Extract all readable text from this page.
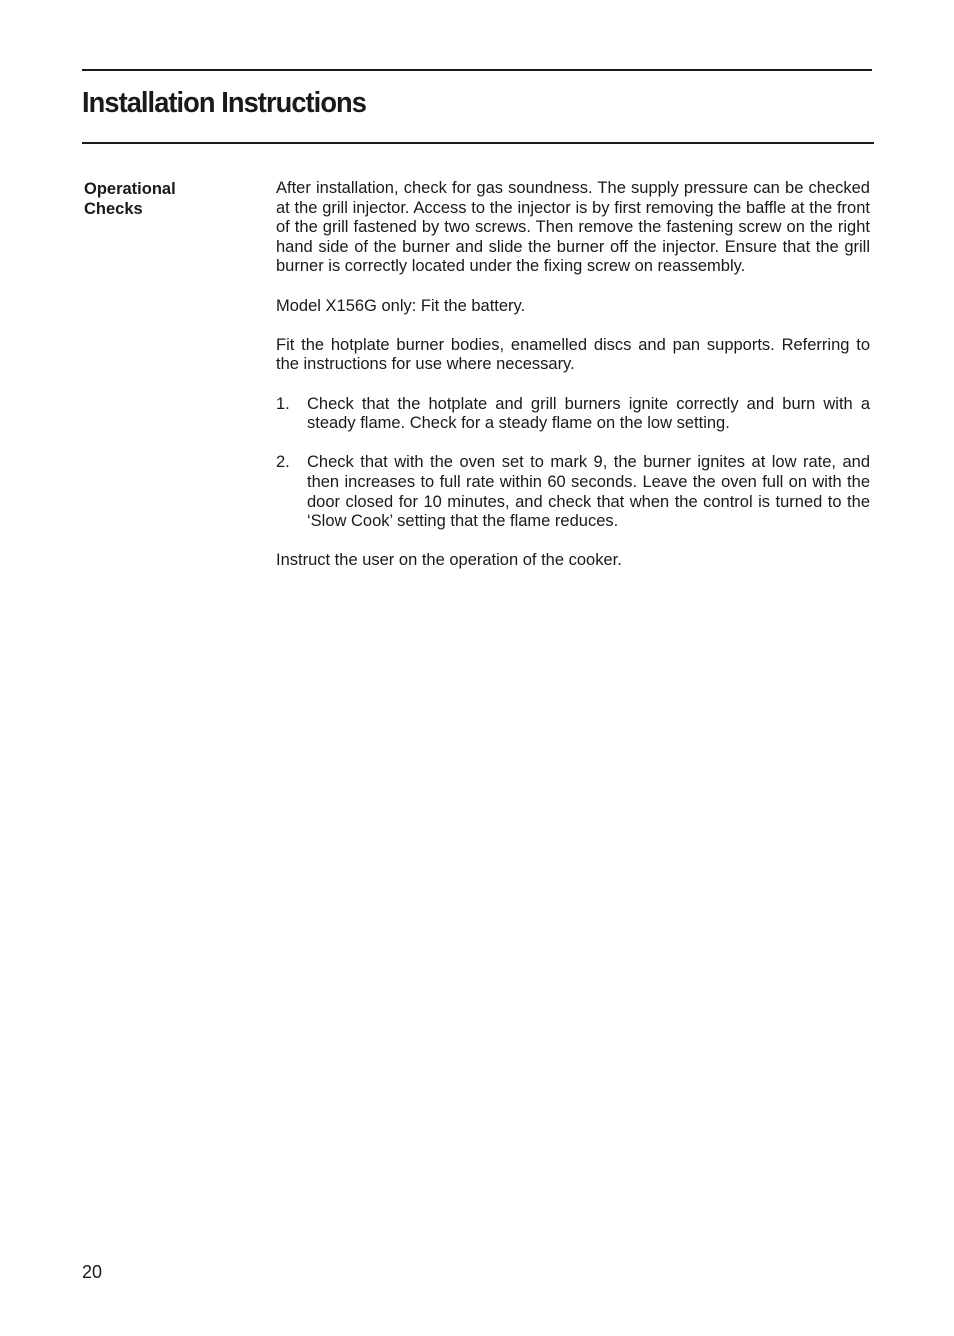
Installation Instructions
Operational
Checks

After installation, check for gas soundness. The supply pressure can be checked at the grill injector. Access to the injector is by first removing the baffle at the front of the grill fastened by two screws. Then remove the fastening screw on the right hand side of the burner and slide the burner off the injector. Ensure that the grill burner is correctly located under the fixing screw on reassembly.

Model X156G only: Fit the battery.

Fit the hotplate burner bodies, enamelled discs and pan supports. Referring to the instructions for use where necessary.

1. Check that the hotplate and grill burners ignite correctly and burn with a steady flame. Check for a steady flame on the low setting.
2. Check that with the oven set to mark 9, the burner ignites at low rate, and then increases to full rate within 60 seconds. Leave the oven full on with the door closed for 10 minutes, and check that when the control is turned to the ‘Slow Cook’ setting that the flame reduces.

Instruct the user on the operation of the cooker.

20
